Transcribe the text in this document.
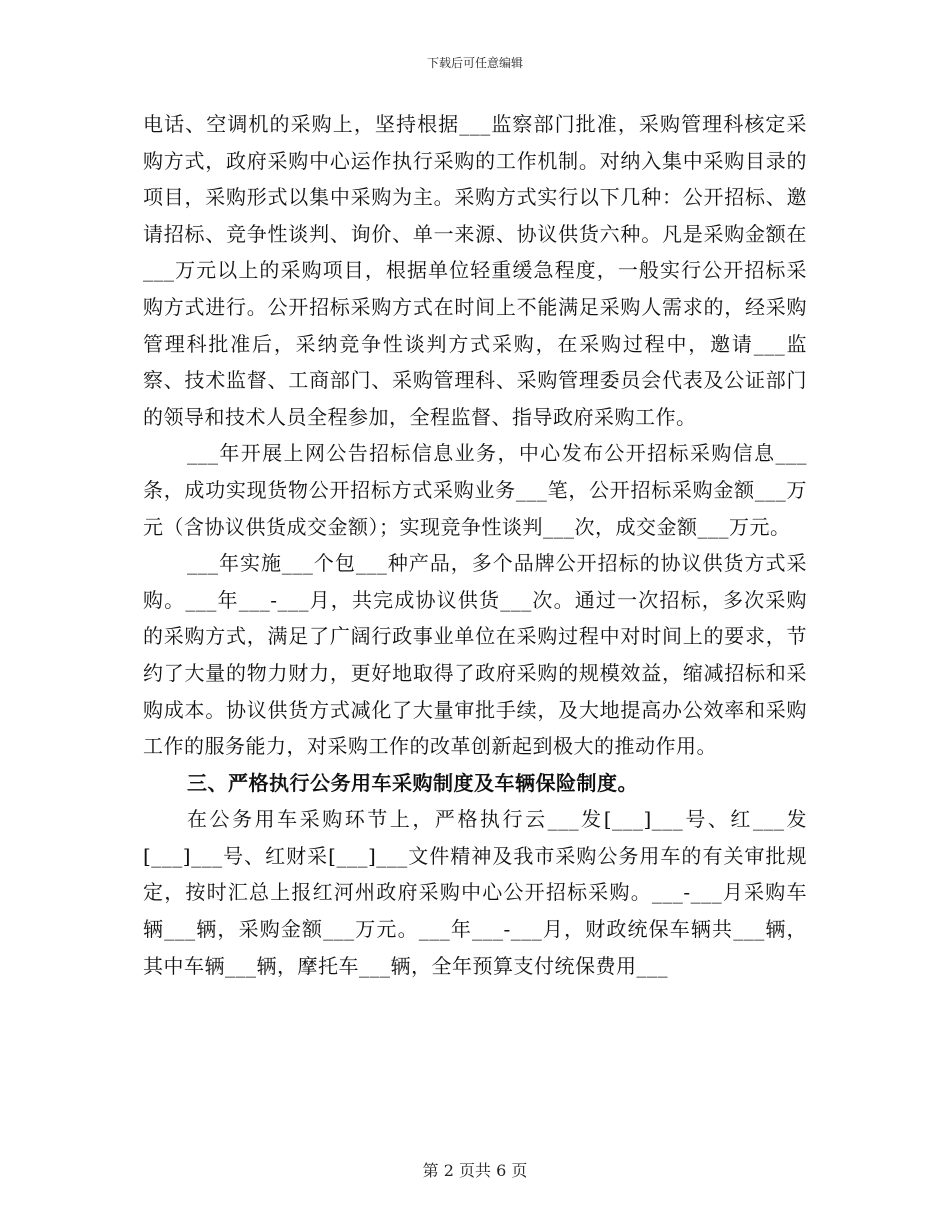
下载后可任意编辑

电话、空调机的采购上，坚持根据___监察部门批准，采购管理科核定采购方式，政府采购中心运作执行采购的工作机制。对纳入集中采购目录的项目，采购形式以集中采购为主。采购方式实行以下几种：公开招标、邀请招标、竞争性谈判、询价、单一来源、协议供货六种。凡是采购金额在___万元以上的采购项目，根据单位轻重缓急程度，一般实行公开招标采购方式进行。公开招标采购方式在时间上不能满足采购人需求的，经采购管理科批准后，采纳竞争性谈判方式采购，在采购过程中，邀请___监察、技术监督、工商部门、采购管理科、采购管理委员会代表及公证部门的领导和技术人员全程参加，全程监督、指导政府采购工作。

___年开展上网公告招标信息业务，中心发布公开招标采购信息___条，成功实现货物公开招标方式采购业务___笔，公开招标采购金额___万元（含协议供货成交金额）；实现竞争性谈判___次，成交金额___万元。

___年实施___个包___种产品，多个品牌公开招标的协议供货方式采购。___年___-___月，共完成协议供货___次。通过一次招标，多次采购的采购方式，满足了广阔行政事业单位在采购过程中对时间上的要求，节约了大量的物力财力，更好地取得了政府采购的规模效益，缩减招标和采购成本。协议供货方式减化了大量审批手续，及大地提高办公效率和采购工作的服务能力，对采购工作的改革创新起到极大的推动作用。

三、严格执行公务用车采购制度及车辆保险制度。

在公务用车采购环节上，严格执行云___发[___]___号、红___发[___]___号、红财采[___]___文件精神及我市采购公务用车的有关审批规定，按时汇总上报红河州政府采购中心公开招标采购。___-___月采购车辆___辆，采购金额___万元。___年___-___月，财政统保车辆共___辆，其中车辆___辆，摩托车___辆，全年预算支付统保费用___

第 2 页共 6 页
